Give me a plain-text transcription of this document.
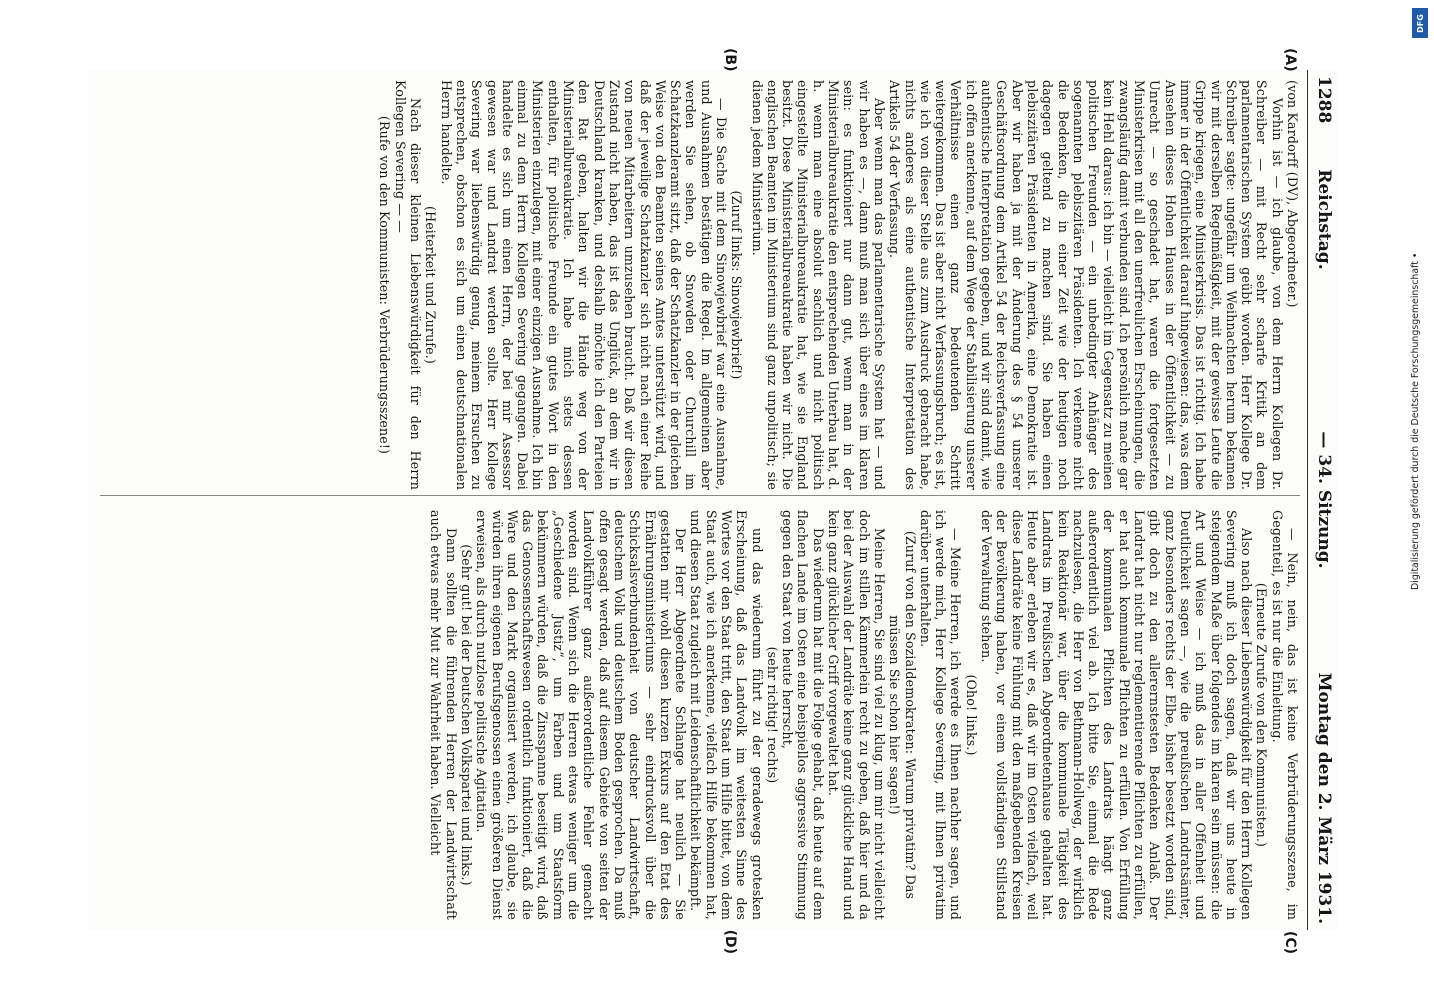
1288 Reichstag.
— 34. Sitzung.
Montag den 2. März 1931.
(A)
(B)
(C)
(D)

(von Kardorff (DV), Abgeordneter.)

Vorhin ist — ich glaube, von dem Herrn Kollegen Dr. Schreiber — mit Recht sehr scharfe Kritik an dem parlamentarischen System geübt worden. Herr Kollege Dr. Schreiber sagte: ungefähr um Weihnachten herum bekamen wir mit derselben Regelmäßigkeit, mit der gewisse Leute die Grippe kriegen, eine Ministerkrisis. Das ist richtig. Ich habe immer in der Öffentlichkeit darauf hingewiesen: das, was dem Ansehen dieses Hohen Hauses in der Öffentlichkeit — zu Unrecht — so geschadet hat, waren die fortgesetzten Ministerkrisen mit all den unerfreulichen Erscheinungen, die zwangsläufig damit verbunden sind. Ich persönlich mache gar kein Hehl daraus: ich bin — vielleicht im Gegensatz zu meinen politischen Freunden — ein unbedingter Anhänger des sogenannten plebiszitären Präsidenten. Ich verkenne nicht die Bedenken, die in einer Zeit wie der heutigen noch dagegen geltend zu machen sind. Sie haben einen plebiszitären Präsidenten in Amerika, eine Demokratie ist. Aber wir haben ja mit der Änderung des § 54 unserer Geschäftsordnung dem Artikel 54 der Reichsverfassung eine authentische Interpretation gegeben, und wir sind damit, wie ich offen anerkenne, auf dem Wege der Stabilisierung unserer Verhältnisse einen ganz bedeutenden Schritt weitergekommen. Das ist aber nicht Verfassungsbruch; es ist, wie ich von dieser Stelle aus zum Ausdruck gebracht habe, nichts anderes als eine authentische Interpretation des Artikels 54 der Verfassung.

Aber wenn man das parlamentarische System hat — und wir haben es —, dann muß man sich über eines im klaren sein: es funktioniert nur dann gut, wenn man in der Ministerialbureaukratie den entsprechenden Unterbau hat, d. h. wenn man eine absolut sachlich und nicht politisch eingestellte Ministerialbureaukratie hat, wie sie England besitzt. Diese Ministerialbureaukratie haben wir nicht. Die englischen Beamten im Ministerium sind ganz unpolitisch; sie dienen jedem Ministerium.

(Zuruf links: Sinowjewbrief!)

— Die Sache mit dem Sinowjewbrief war eine Ausnahme, und Ausnahmen bestätigen die Regel. Im allgemeinen aber werden Sie sehen, ob Snowden oder Churchill im Schatzkanzleramt sitzt, daß der Schatzkanzler in der gleichen Weise von den Beamten seines Amtes unterstützt wird, und daß der jeweilige Schatzkanzler sich nicht nach einer Reihe von neuen Mitarbeitern umzusehen braucht. Daß wir diesen Zustand nicht haben, das ist das Unglück, an dem wir in Deutschland kranken, und deshalb möchte ich den Parteien den Rat geben, halten wir die Hände weg von der Ministerialbureaukratie. Ich habe mich stets dessen enthalten, für politische Freunde ein gutes Wort in den Ministerien einzulegen, mit einer einzigen Ausnahme. Ich bin einmal zu dem Herrn Kollegen Severing gegangen. Dabei handelte es sich um einen Herrn, der bei mir Assessor gewesen war und Landrat werden sollte. Herr Kollege Severing war liebenswürdig genug, meinem Ersuchen zu entsprechen, obschon es sich um einen deutschnationalen Herrn handelte.

(Heiterkeit und Zurufe.)

Nach dieser kleinen Liebenswürdigkeit für den Herrn Kollegen Severing — —

(Rufe von den Kommunisten: Verbrüderungsszene!)

— Nein, nein, das ist keine Verbrüderungsszene, im Gegenteil, es ist nur die Einleitung.

(Erneute Zurufe von den Kommunisten.)

Also nach dieser Liebenswürdigkeit für den Herrn Kollegen Severing muß ich doch sagen, daß wir uns heute in steigendem Maße über folgendes im klaren sein müssen: die Art und Weise — ich muß das in aller Offenheit und Deutlichkeit sagen —, wie die preußischen Landratsämter, ganz besonders rechts der Elbe, bisher besetzt worden sind, gibt doch zu den allerernstesten Bedenken Anlaß. Der Landrat hat nicht nur reglementierende Pflichten zu erfüllen, er hat auch kommunale Pflichten zu erfüllen. Von Erfüllung der kommunalen Pflichten des Landrats hängt ganz außerordentlich viel ab. Ich bitte Sie, einmal die Rede nachzulesen, die Herr von Bethmann-Hollweg, der wirklich kein Reaktionär war, über die kommunale Tätigkeit des Landrats im Preußischen Abgeordnetenhause gehalten hat. Heute aber erleben wir es, daß wir im Osten vielfach, weil diese Landräte keine Fühlung mit den maßgebenden Kreisen der Bevölkerung haben, vor einem vollständigen Stillstand der Verwaltung stehen.

(Oho! links.)

— Meine Herren, ich werde es Ihnen nachher sagen, und ich werde mich, Herr Kollege Severing, mit Ihnen privatim darüber unterhalten.

(Zuruf von den Sozialdemokraten: Warum privatim? Das müssen Sie schon hier sagen!)

Meine Herren, Sie sind viel zu klug, um mir nicht vielleicht doch im stillen Kämmerlein recht zu geben, daß hier und da bei der Auswahl der Landräte keine ganz glückliche Hand und kein ganz glücklicher Griff vorgewaltet hat.

Das wiederum hat mit die Folge gehabt, daß heute auf dem flachen Lande im Osten eine beispiellos aggressive Stimmung gegen den Staat von heute herrscht,

(sehr richtig! rechts)

und das wiederum führt zu der geradewegs grotesken Erscheinung, daß das Landvolk im weitesten Sinne des Wortes vor den Staat tritt, den Staat um Hilfe bittet, von dem Staat auch, wie ich anerkenne, vielfach Hilfe bekommen hat, und diesen Staat zugleich mit Leidenschaftlichkeit bekämpft.

Der Herr Abgeordnete Schlange hat neulich — Sie gestatten mir wohl diesen kurzen Exkurs auf den Etat des Ernährungsministeriums — sehr eindrucksvoll über die Schicksalsverbundenheit von deutscher Landwirtschaft, deutschem Volk und deutschem Boden gesprochen. Da muß offen gesagt werden, daß auf diesem Gebiete von seiten der Landvolkführer ganz außerordentliche Fehler gemacht worden sind. Wenn sich die Herren etwas weniger um die „Geschiedene Justiz“, um Farben und um Staatsform bekümmern würden, daß die Zinsspanne beseitigt wird, daß das Genossenschaftswesen ordentlich funktioniert, daß die Ware und den Markt organisiert werden, ich glaube, sie würden ihren eigenen Berufsgenossen einen größeren Dienst erweisen, als durch nutzlose politische Agitation.

(Sehr gut! bei der Deutschen Volkspartei und links.)

Dann sollten die führenden Herren der Landwirtschaft auch etwas mehr Mut zur Wahrheit haben. Vielleicht

DFG
Digitalisierung gefördert durch die Deutsche Forschungsgemeinschaft •
